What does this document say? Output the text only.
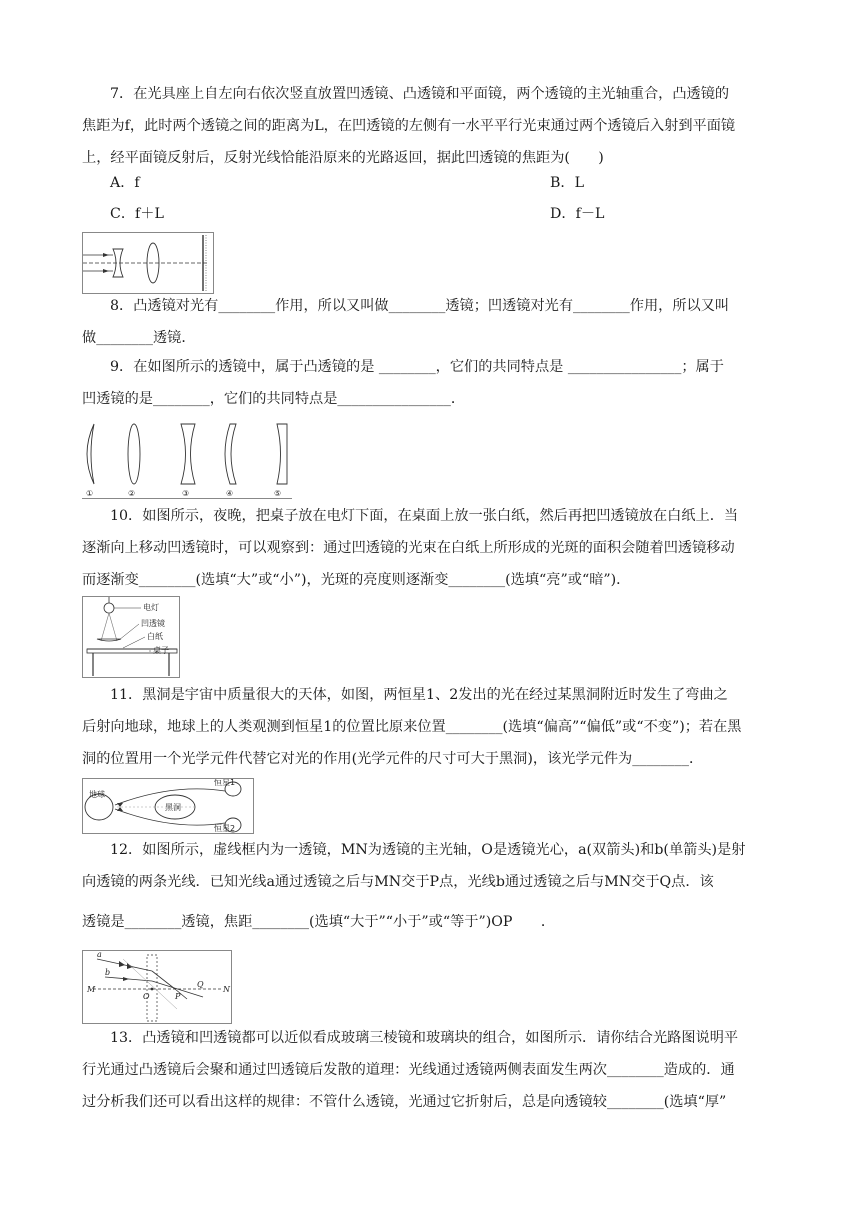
7．在光具座上自左向右依次竖直放置凹透镜、凸透镜和平面镜，两个透镜的主光轴重合，凸透镜的
焦距为f，此时两个透镜之间的距离为L，在凹透镜的左侧有一水平平行光束通过两个透镜后入射到平面镜
上，经平面镜反射后，反射光线恰能沿原来的光路返回，据此凹透镜的焦距为(　　)
A．f	B．L
C．f＋L	D．f－L
8．凸透镜对光有________作用，所以又叫做________透镜；凹透镜对光有________作用，所以又叫
做________透镜．
9．在如图所示的透镜中，属于凸透镜的是 ________，它们的共同特点是 ________________；属于
凹透镜的是________，它们的共同特点是________________．
①	②	③	④	⑤
10．如图所示，夜晚，把桌子放在电灯下面，在桌面上放一张白纸，然后再把凹透镜放在白纸上．当
逐渐向上移动凹透镜时，可以观察到：通过凹透镜的光束在白纸上所形成的光斑的面积会随着凹透镜移动
而逐渐变________(选填“大”或“小”)，光斑的亮度则逐渐变________(选填“亮”或“暗”)．
电灯
凹透镜
白纸
桌子
11．黑洞是宇宙中质量很大的天体，如图，两恒星1、2发出的光在经过某黑洞附近时发生了弯曲之
后射向地球，地球上的人类观测到恒星1的位置比原来位置________(选填“偏高”“偏低”或“不变”)；若在黑
洞的位置用一个光学元件代替它对光的作用(光学元件的尺寸可大于黑洞)，该光学元件为________．
地球
黑洞
恒星1
恒星2
12．如图所示，虚线框内为一透镜，MN为透镜的主光轴，O是透镜光心，a(双箭头)和b(单箭头)是射
向透镜的两条光线．已知光线a通过透镜之后与MN交于P点，光线b通过透镜之后与MN交于Q点．该
透镜是________透镜，焦距________(选填“大于”“小于”或“等于”)OP　　．
a
b
M	N
O	P
Q
13．凸透镜和凹透镜都可以近似看成玻璃三棱镜和玻璃块的组合，如图所示．请你结合光路图说明平
行光通过凸透镜后会聚和通过凹透镜后发散的道理：光线通过透镜两侧表面发生两次________造成的．通
过分析我们还可以看出这样的规律：不管什么透镜，光通过它折射后，总是向透镜较________(选填“厚”
